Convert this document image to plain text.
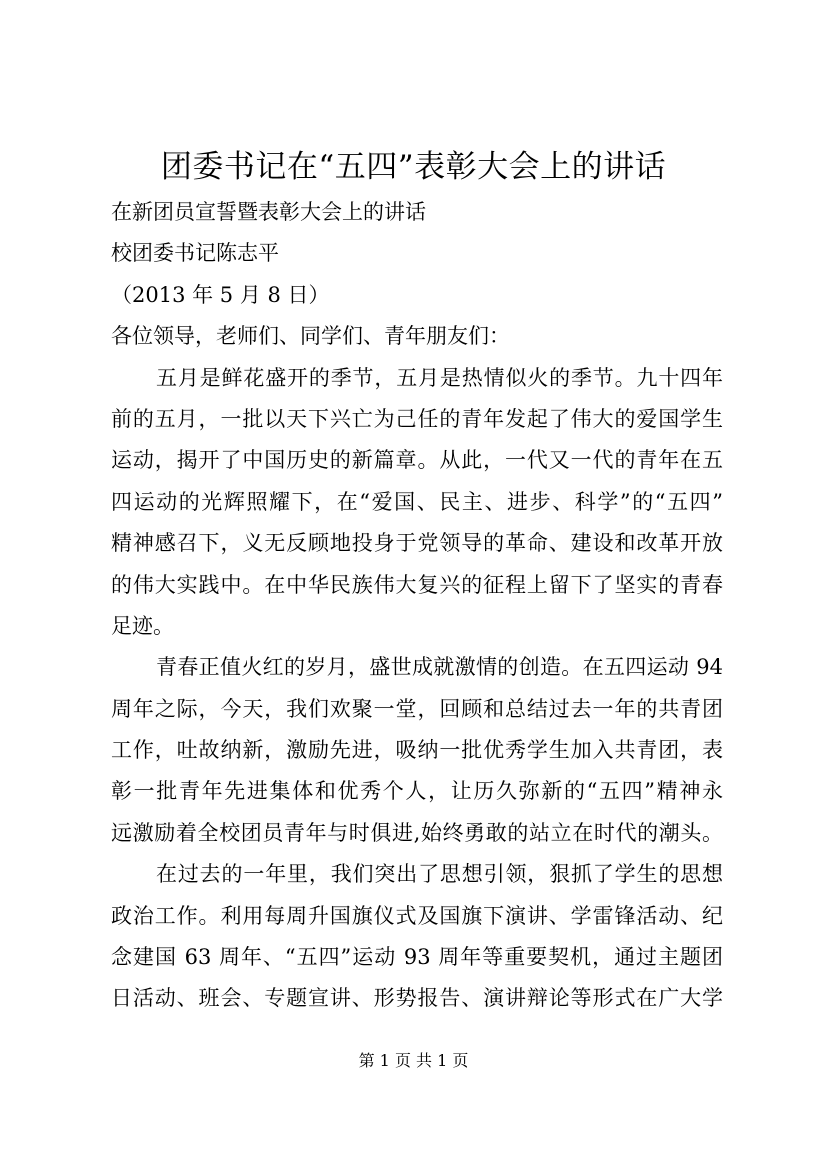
团委书记在“五四”表彰大会上的讲话
在新团员宣誓暨表彰大会上的讲话
校团委书记陈志平
（2013 年 5 月 8 日）
各位领导，老师们、同学们、青年朋友们：
五月是鲜花盛开的季节，五月是热情似火的季节。九十四年
前的五月，一批以天下兴亡为己任的青年发起了伟大的爱国学生
运动，揭开了中国历史的新篇章。从此，一代又一代的青年在五
四运动的光辉照耀下，在“爱国、民主、进步、科学”的“五四”
精神感召下，义无反顾地投身于党领导的革命、建设和改革开放
的伟大实践中。在中华民族伟大复兴的征程上留下了坚实的青春
足迹。
青春正值火红的岁月，盛世成就激情的创造。在五四运动 94
周年之际，今天，我们欢聚一堂，回顾和总结过去一年的共青团
工作，吐故纳新，激励先进，吸纳一批优秀学生加入共青团，表
彰一批青年先进集体和优秀个人，让历久弥新的“五四”精神永
远激励着全校团员青年与时俱进,始终勇敢的站立在时代的潮头。
在过去的一年里，我们突出了思想引领，狠抓了学生的思想
政治工作。利用每周升国旗仪式及国旗下演讲、学雷锋活动、纪
念建国 63 周年、“五四”运动 93 周年等重要契机，通过主题团
日活动、班会、专题宣讲、形势报告、演讲辩论等形式在广大学
第 1 页 共 1 页
